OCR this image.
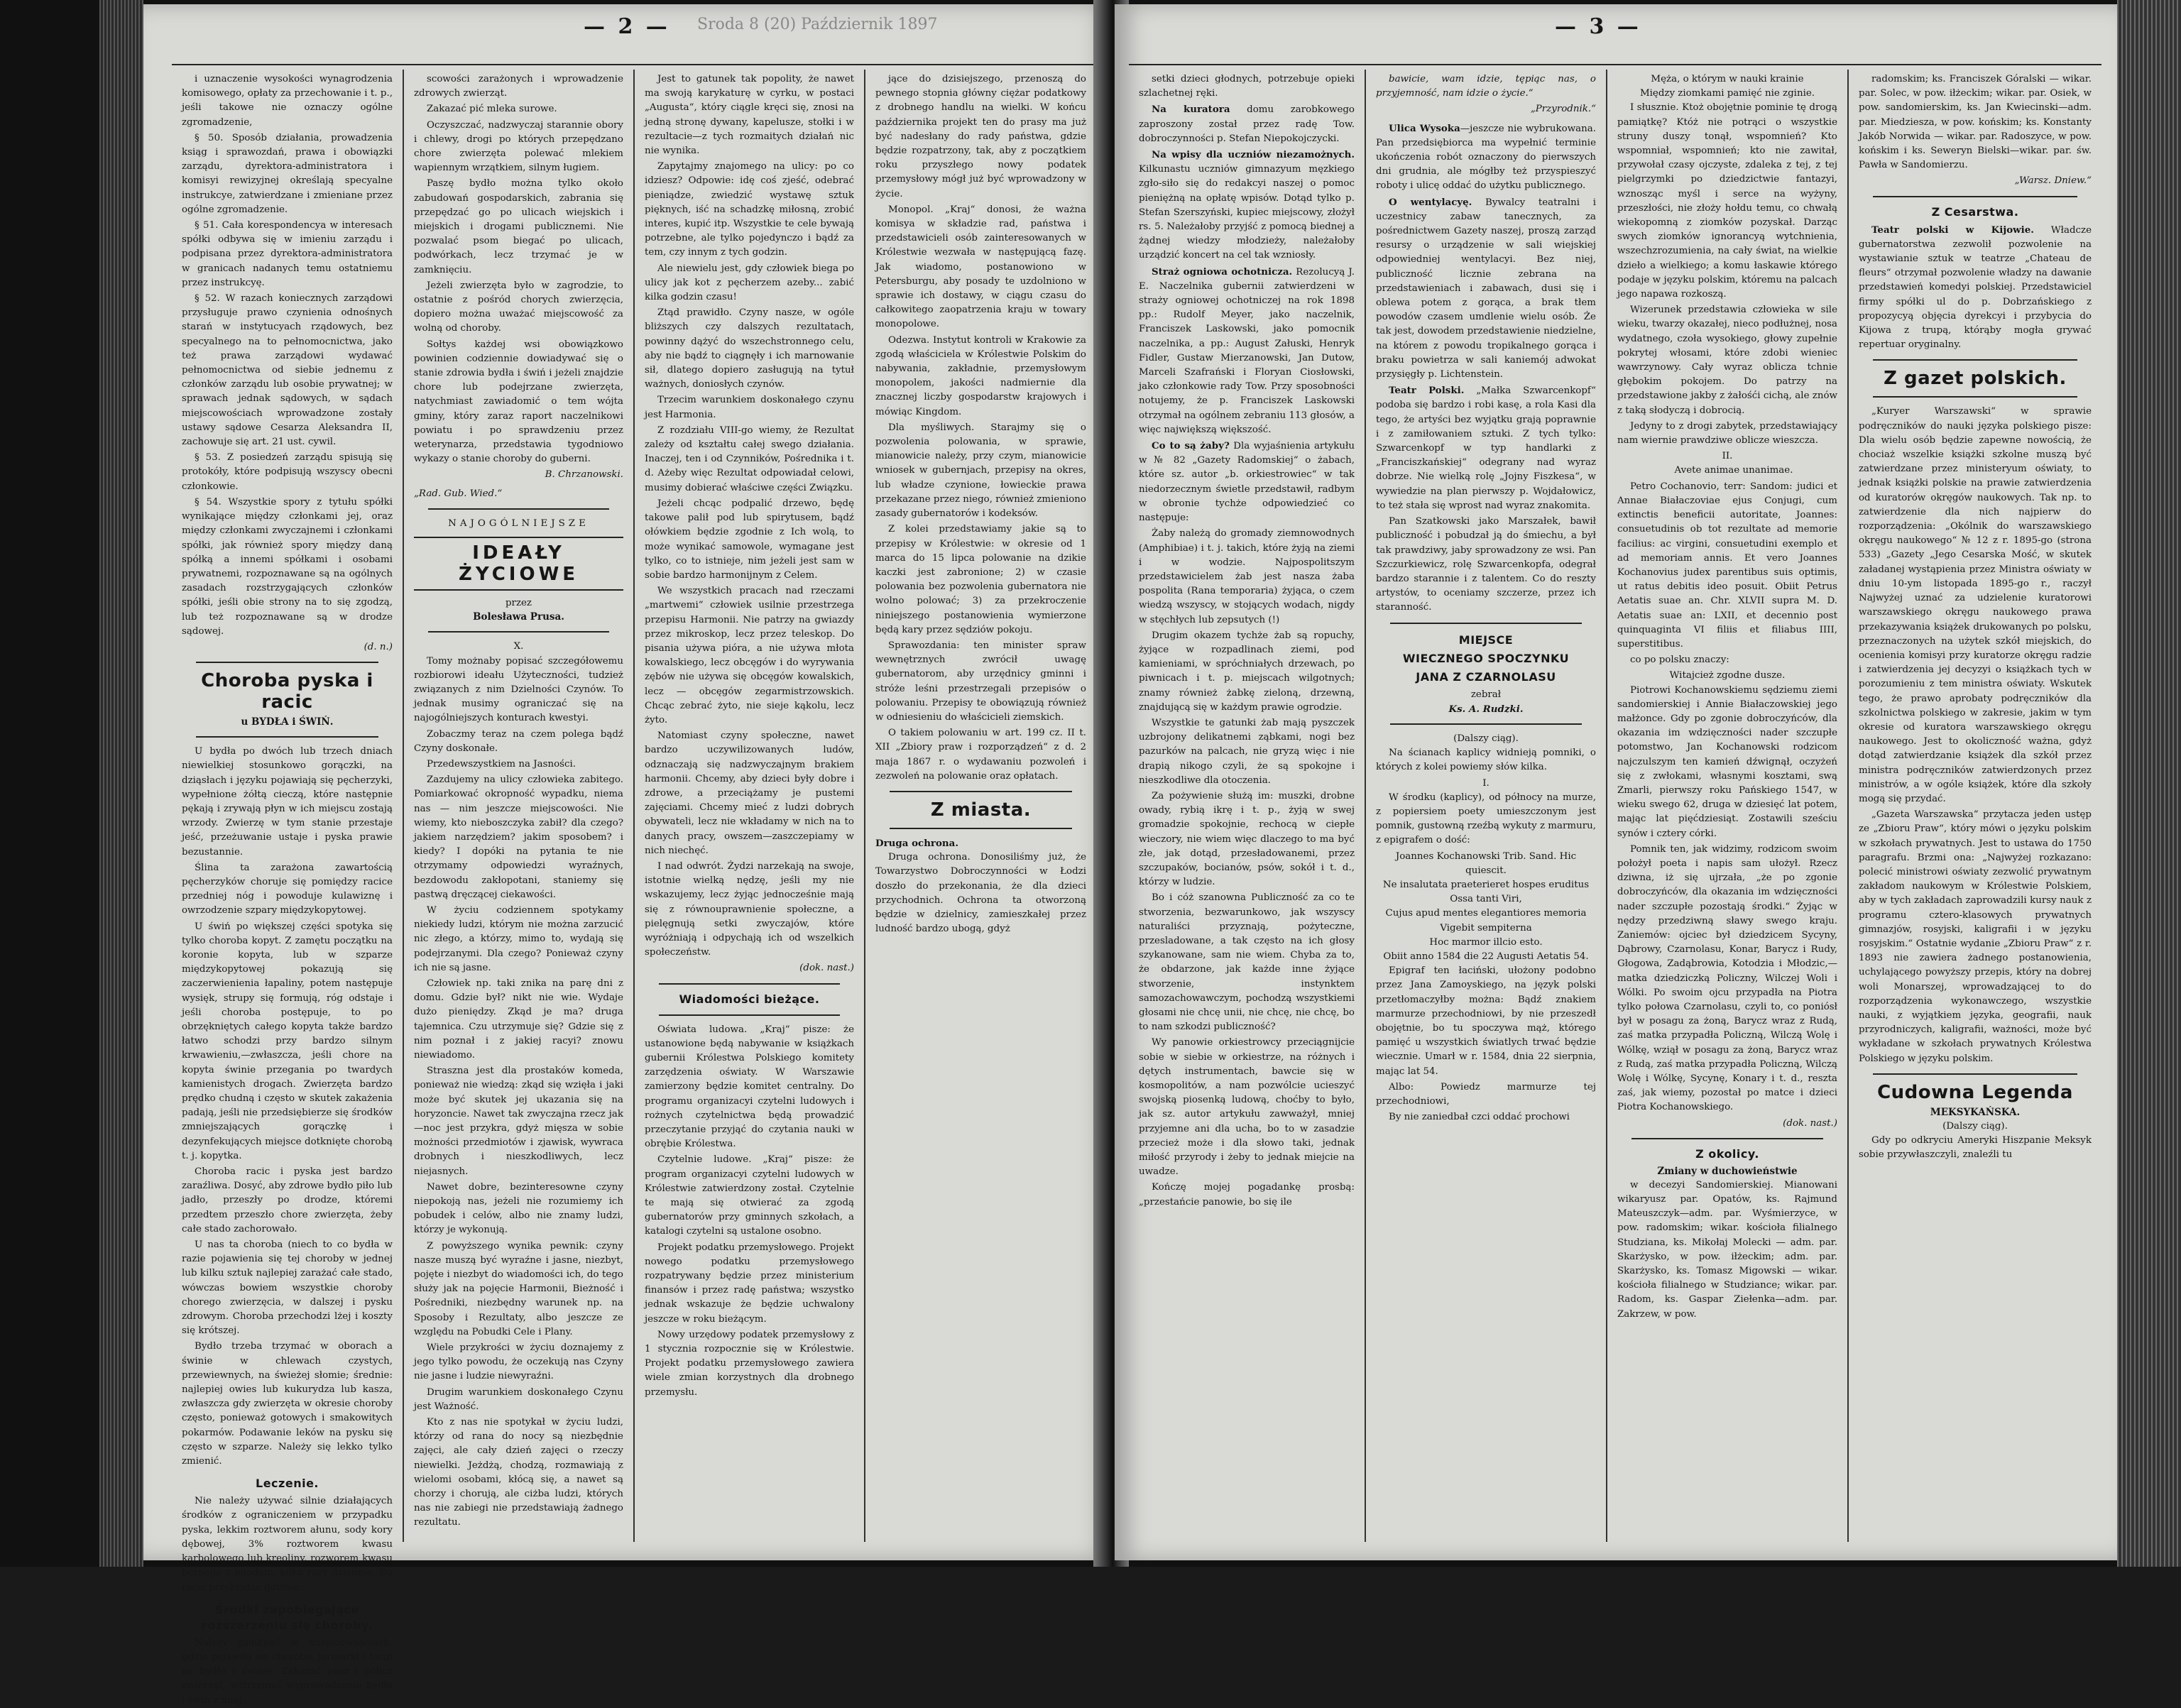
— 2 — Sroda 8 (20) Październik 1897

i uznaczenie wysokości wynagrodzenia komisowego, opłaty za przechowanie i t. p., jeśli takowe nie oznaczy ogólne zgromadzenie,

§ 50. Sposób działania, prowadzenia ksiąg i sprawozdań, prawa i obowiązki zarządu, dyrektora-administratora i komisyi rewizyjnej określają specyalne instrukcye, zatwierdzane i zmieniane przez ogólne zgromadzenie.

§ 51. Cała korespondencya w interesach spółki odbywa się w imieniu zarządu i podpisana przez dyrektora-administratora w granicach nadanych temu ostatniemu przez instrukcyę.

§ 52. W razach koniecznych zarządowi przysługuje prawo czynienia odnośnych starań w instytucyach rządowych, bez specyalnego na to pełnomocnictwa, jako też prawa zarządowi wydawać pełnomocnictwa od siebie jednemu z członków zarządu lub osobie prywatnej; w sprawach jednak sądowych, w sądach miejscowościach wprowadzone zostały ustawy sądowe Cesarza Aleksandra II, zachowuje się art. 21 ust. cywil.

§ 53. Z posiedzeń zarządu spisują się protokóły, które podpisują wszyscy obecni członkowie.

§ 54. Wszystkie spory z tytułu spółki wynikające między członkami jej, oraz między członkami zwyczajnemi i członkami spółki, jak również spory między daną spółką a innemi spółkami i osobami prywatnemi, rozpoznawane są na ogólnych zasadach rozstrzygających członków spółki, jeśli obie strony na to się zgodzą, lub też rozpoznawane są w drodze sądowej.

(d. n.)
Choroba pyska i racic
u BYDŁA i ŚWIŃ.

U bydła po dwóch lub trzech dniach niewielkiej stosunkowo gorączki, na dziąsłach i języku pojawiają się pęcherzyki, wypełnione żółtą cieczą, które następnie pękają i zrywają płyn w ich miejscu zostają wrzody. Zwierzę w tym stanie przestaje jeść, przeżuwanie ustaje i pyska prawie bezustannie.

Ślina ta zarażona zawartością pęcherzyków choruje się pomiędzy racice przedniej nóg i powoduje kulawiznę i owrzodzenie szpary międzykopytowej.

U świń po większej części spotyka się tylko choroba kopyt. Z zamętu początku na koronie kopyta, lub w szparze międzykopytowej pokazują się zaczerwienienia łapaliny, potem następuje wysięk, strupy się formują, róg odstaje i jeśli choroba postępuje, to po obrzękniętych całego kopyta także bardzo łatwo schodzi przy bardzo silnym krwawieniu,—zwłaszcza, jeśli chore na kopyta świnie przegania po twardych kamienistych drogach. Zwierzęta bardzo prędko chudną i często w skutek zakażenia padają, jeśli nie przedsiębierze się środków zmniejszających gorączkę i dezynfekujących miejsce dotknięte chorobą t. j. kopytka.

Choroba racic i pyska jest bardzo zaraźliwa. Dosyć, aby zdrowe bydło piło lub jadło, przeszły po drodze, któremi przedtem przeszło chore zwierzęta, żeby całe stado zachorowało.

U nas ta choroba (niech to co bydła w razie pojawienia się tej choroby w jednej lub kilku sztuk najlepiej zarażać całe stado, wówczas bowiem wszystkie choroby chorego zwierzęcia, w dalszej i pysku zdrowym. Choroba przechodzi lżej i koszty się krótszej.

Bydło trzeba trzymać w oborach a świnie w chlewach czystych, przewiewnych, na świeżej słomie; średnie: najlepiej owies lub kukurydza lub kasza, zwłaszcza gdy zwierzęta w okresie choroby często, ponieważ gotowych i smakowitych pokarmów. Podawanie leków na pysku się często w szparze. Należy się lekko tylko zmienić.

Leczenie.

Nie należy używać silnie działających środków z ograniczeniem w przypadku pyska, lekkim roztworem ałunu, sody kory dębowej, 3% roztworem kwasu karbolowego lub kreoliny, rozworem kwasu bornego z miodem, kilka razy dziennie. Do racic przykładać gotowe...

Środki zapobiegające rozszerzeniu się choroby.

Należy zamknąć w miejscowościach, gdzie pojawiła się choroba, jarmarki i targi na bydło i świnie. Zakazać pasz i pólicz zwierząt, wstrzymać wyprowadzenie bydła i świń z miej...

scowości zarażonych i wprowadzenie zdrowych zwierząt.

Zakazać pić mleka surowe.

Oczyszczać, nadzwyczaj starannie obory i chlewy, drogi po których przepędzano chore zwierzęta polewać mlekiem wapiennym wrzątkiem, silnym ługiem.

Paszę bydło można tylko około zabudowań gospodarskich, zabrania się przepędzać go po ulicach wiejskich i miejskich i drogami publicznemi. Nie pozwalać psom biegać po ulicach, podwórkach, lecz trzymać je w zamknięciu.

Jeżeli zwierzęta było w zagrodzie, to ostatnie z pośród chorych zwierzęcia, dopiero można uważać miejscowość za wolną od choroby.

Sołtys każdej wsi obowiązkowo powinien codziennie dowiadywać się o stanie zdrowia bydła i świń i jeżeli znajdzie chore lub podejrzane zwierzęta, natychmiast zawiadomić o tem wójta gminy, który zaraz raport naczelnikowi powiatu i po sprawdzeniu przez weterynarza, przedstawia tygodniowo wykazy o stanie choroby do guberni.

B. Chrzanowski.
„Rad. Gub. Wied.“
NAJOGÓLNIEJSZE
IDEAŁY ŻYCIOWE
przez
Bolesława Prusa.
X.

Tomy możnaby popisać szczegółowemu rozbiorowi ideału Użyteczności, tudzież związanych z nim Dzielności Czynów. To jednak musimy ograniczać się na najogólniejszych konturach kwestyi.

Zobaczmy teraz na czem polega bądź Czyny doskonałe.

Przedewszystkiem na Jasności.

Zazdujemy na ulicy człowieka zabitego. Pomiarkować okropność wypadku, niema nas — nim jeszcze miejscowości. Nie wiemy, kto nieboszczyka zabił? dla czego? jakiem narzędziem? jakim sposobem? i kiedy? I dopóki na pytania te nie otrzymamy odpowiedzi wyraźnych, bezdowodu zakłopotani, staniemy się pastwą dręczącej ciekawości.

W życiu codziennem spotykamy niekiedy ludzi, którym nie można zarzucić nic złego, a którzy, mimo to, wydają się podejrzanymi. Dla czego? Ponieważ czyny ich nie są jasne.

Człowiek np. taki znika na parę dni z domu. Gdzie był? nikt nie wie. Wydaje dużo pieniędzy. Zkąd je ma? druga tajemnica. Czu utrzymuje się? Gdzie się z nim poznał i z jakiej racyi? znowu niewiadomo.

Straszna jest dla prostaków komeda, ponieważ nie wiedzą: zkąd się wzięła i jaki może być skutek jej ukazania się na horyzoncie. Nawet tak zwyczajna rzecz jak—noc jest przykra, gdyż mięsza w sobie możności przedmiotów i zjawisk, wywraca drobnych i nieszkodliwych, lecz niejasnych.

Nawet dobre, bezinteresowne czyny niepokoją nas, jeżeli nie rozumiemy ich pobudek i celów, albo nie znamy ludzi, którzy je wykonują.

Z powyższego wynika pewnik: czyny nasze muszą być wyraźne i jasne, niezbyt, pojęte i niezbyt do wiadomości ich, do tego służy jak na pojęcie Harmonii, Bieżność i Pośredniki, niezbędny warunek np. na Sposoby i Rezultaty, albo jeszcze ze względu na Pobudki Cele i Plany.

Wiele przykrości w życiu doznajemy z jego tylko powodu, że oczekują nas Czyny nie jasne i ludzie niewyraźni.

Drugim warunkiem doskonałego Czynu jest Ważność.

Kto z nas nie spotykał w życiu ludzi, którzy od rana do nocy są niezbędnie zajęci, ale cały dzień zajęci o rzeczy niewielki. Jeżdżą, chodzą, rozmawiają z wielomi osobami, kłócą się, a nawet są chorzy i chorują, ale ciżba ludzi, których nas nie zabiegi nie przedstawiają żadnego rezultatu.

Jest to gatunek tak popolity, że nawet ma swoją karykaturę w cyrku, w postaci „Augusta“, który ciągle kręci się, znosi na jedną stronę dywany, kapelusze, stołki i w rezultacie—z tych rozmaitych działań nic nie wynika.

Zapytajmy znajomego na ulicy: po co idziesz? Odpowie: idę coś zjeść, odebrać pieniądze, zwiedzić wystawę sztuk pięknych, iść na schadzkę miłosną, zrobić interes, kupić itp. Wszystkie te cele bywają potrzebne, ale tylko pojedynczo i bądź za tem, czy innym z tych godzin.

Ale niewielu jest, gdy człowiek biega po ulicy jak kot z pęcherzem azeby... zabić kilka godzin czasu!

Ztąd prawidło. Czyny nasze, w ogóle bliższych czy dalszych rezultatach, powinny dążyć do wszechstronnego celu, aby nie bądź to ciągnęły i ich marnowanie sił, dlatego dopiero zasługują na tytuł ważnych, doniosłych czynów.

Trzecim warunkiem doskonałego czynu jest Harmonia.

Z rozdziału VIII-go wiemy, że Rezultat zależy od kształtu całej swego działania. Inaczej, ten i od Czynników, Pośrednika i t. d. Ażeby więc Rezultat odpowiadał celowi, musimy dobierać właściwe części Związku.

Jeżeli chcąc podpalić drzewo, będę takowe palił pod lub spirytusem, bądź ołówkiem będzie zgodnie z Ich wolą, to może wynikać samowole, wymagane jest tylko, co to istnieje, nim jeżeli jest sam w sobie bardzo harmonijnym z Celem.

We wszystkich pracach nad rzeczami „martwemi“ człowiek usilnie przestrzega przepisu Harmonii. Nie patrzy na gwiazdy przez mikroskop, lecz przez teleskop. Do pisania używa pióra, a nie używa młota kowalskiego, lecz obcęgów i do wyrywania zębów nie używa się obcęgów kowalskich, lecz — obcęgów zegarmistrzowskich. Chcąc zebrać żyto, nie sieje kąkolu, lecz żyto.

Natomiast czyny społeczne, nawet bardzo uczywilizowanych ludów, odznaczają się nadzwyczajnym brakiem harmonii. Chcemy, aby dzieci były dobre i zdrowe, a przeciążamy je pustemi zajęciami. Chcemy mieć z ludzi dobrych obywateli, lecz nie wkładamy w nich na to danych pracy, owszem—zaszczepiamy w nich niechęć.

I nad odwrót. Żydzi narzekają na swoje, istotnie wielką nędzę, jeśli my nie wskazujemy, lecz żyjąc jednocześnie mają się z równouprawnienie społeczne, a pielęgnują setki zwyczajów, które wyróżniają i odpychają ich od wszelkich społeczeństw.

(dok. nast.)
Wiadomości bieżące.

Oświata ludowa. „Kraj“ pisze: że ustanowione będą nabywanie w książkach gubernii Królestwa Polskiego komitety zarzędzenia oświaty. W Warszawie zamierzony będzie komitet centralny. Do programu organizacyi czytelni ludowych i rożnych czytelnictwa będą prowadzić przeczytanie przyjąć do czytania nauki w obrębie Królestwa.

Czytelnie ludowe. „Kraj“ pisze: że program organizacyi czytelni ludowych w Królestwie zatwierdzony został. Czytelnie te mają się otwierać za zgodą gubernatorów przy gminnych szkołach, a katalogi czytelni są ustalone osobno.

Projekt podatku przemysłowego. Projekt nowego podatku przemysłowego rozpatrywany będzie przez ministerium finansów i przez radę państwa; wszystko jednak wskazuje że będzie uchwalony jeszcze w roku bieżącym.

Nowy urzędowy podatek przemysłowy z 1 stycznia rozpocznie się w Królestwie. Projekt podatku przemysłowego zawiera wiele zmian korzystnych dla drobnego przemysłu.

jące do dzisiejszego, przenoszą do pewnego stopnia główny ciężar podatkowy z drobnego handlu na wielki. W końcu października projekt ten do prasy ma już być nadesłany do rady państwa, gdzie będzie rozpatrzony, tak, aby z początkiem roku przyszłego nowy podatek przemysłowy mógł już być wprowadzony w życie.

Monopol. „Kraj“ donosi, że ważna komisya w składzie rad, państwa i przedstawicieli osób zainteresowanych w Królestwie wezwała w następującą fazę. Jak wiadomo, postanowiono w Petersburgu, aby posady te uzdolniono w sprawie ich dostawy, w ciągu czasu do całkowitego zaopatrzenia kraju w towary monopolowe.

Odezwa. Instytut kontroli w Krakowie za zgodą właściciela w Królestwie Polskim do nabywania, zakładnie, przemysłowym monopolem, jakości nadmiernie dla znacznej liczby gospodarstw krajowych i mówiąc Kingdom.

Dla myśliwych. Starajmy się o pozwolenia polowania, w sprawie, mianowicie należy, przy czym, mianowicie wniosek w gubernjach, przepisy na okres, lub władze czynione, łowieckie prawa przekazane przez niego, również zmieniono zasady gubernatorów i kodeksów.

Z kolei przedstawiamy jakie są to przepisy w Królestwie: w okresie od 1 marca do 15 lipca polowanie na dzikie kaczki jest zabronione; 2) w czasie polowania bez pozwolenia gubernatora nie wolno polować; 3) za przekroczenie niniejszego postanowienia wymierzone będą kary przez sędziów pokoju.

Sprawozdania: ten minister spraw wewnętrznych zwrócił uwagę gubernatorom, aby urzędnicy gminni i stróże leśni przestrzegali przepisów o polowaniu. Przepisy te obowiązują również w odniesieniu do właścicieli ziemskich.

O takiem polowaniu w art. 199 cz. II t. XII „Zbiorу praw i rozporządzeń“ z d. 2 maja 1867 r. o wydawaniu pozwoleń i zezwoleń na polowanie oraz opłatach.

Z miasta.
Druga ochrona.

Druga ochrona. Donosiliśmy już, że Towarzystwo Dobroczynności w Łodzi doszło do przekonania, że dla dzieci przychodnich. Ochrona ta otworzoną będzie w dzielnicy, zamieszkałej przez ludność bardzo ubogą, gdyż

— 3 —

setki dzieci głodnych, potrzebuje opieki szlachetnej ręki.

Na kuratora domu zarobkowego zaproszony został przez radę Tow. dobroczynności p. Stefan Niepokojczycki.

Na wpisy dla uczniów niezamożnych. Kilkunastu uczniów gimnazyum męzkiego zgło-siło się do redakcyi naszej o pomoc pieniężną na opłatę wpisów. Dotąd tylko p. Stefan Szerszyński, kupiec miejscowy, złożył rs. 5. Należałoby przyjść z pomocą biednej a żądnej wiedzy młodzieży, należałoby urządzić koncert na cel tak wzniosły.

Straż ogniowa ochotnicza. Rezolucyą J. E. Naczelnika gubernii zatwierdzeni w straży ogniowej ochotniczej na rok 1898 pp.: Rudolf Meyer, jako naczelnik, Franciszek Laskowski, jako pomocnik naczelnika, a pp.: August Załuski, Henryk Fidler, Gustaw Mierzanowski, Jan Dutow, Marceli Szafrański i Floryan Ciosłowski, jako członkowie rady Tow. Przy sposobności notujemy, że p. Franciszek Laskowski otrzymał na ogólnem zebraniu 113 głosów, a więc największą większość.

Co to są żaby? Dla wyjaśnienia artykułu w № 82 „Gazety Radomskiej“ o żabach, które sz. autor „b. orkiestrowiec“ w tak niedorzecznym świetle przedstawił, radbym w obronie tychże odpowiedzieć co następuje:

Żaby należą do gromady ziemnowodnych (Amphibiae) i t. j. takich, które żyją na ziemi i w wodzie. Najpospolitszym przedstawicielem żab jest nasza żaba pospolita (Rana temporaria) żyjąca, o czem wiedzą wszyscy, w stojących wodach, nigdy w stęchłych lub zepsutych (!)

Drugim okazem tychże żab są ropuchy, żyjące w rozpadlinach ziemi, pod kamieniami, w spróchniałych drzewach, po piwnicach i t. p. miejscach wilgotnych; znamy również żabkę zieloną, drzewną, znajdującą się w każdym prawie ogrodzie.

Wszystkie te gatunki żab mają pyszczek uzbrojony delikatnemi ząbkami, nogi bez pazurków na palcach, nie gryzą więc i nie drapią nikogo czyli, że są spokojne i nieszkodliwe dla otoczenia.

Za pożywienie służą im: muszki, drobne owady, rybią ikrę i t. p., żyją w swej gromadzie spokojnie, rechocą w ciepłe wieczory, nie wiem więc dlaczego to ma być złe, jak dotąd, przesładowanemi, przez szczupaków, bocianów, psów, sokół i t. d., którzy w ludzie.

Bo i cóż szanowna Publiczność za co te stworzenia, bezwarunkowo, jak wszyscy naturaliści przyznają, pożyteczne, przesladowane, a tak często na ich głosy szykanowane, sam nie wiem. Chyba za to, że obdarzone, jak każde inne żyjące stworzenie, instynktem samozachowawczym, pochodzą wszystkiemi głosami nie chcę unii, nie chcę, nie chcę, bo to nam szkodzi publiczność?

Wy panowie orkiestrowcy przeciągnijcie sobie w siebie w orkiestrze, na różnych i dętych instrumentach, bawcie się w kosmopolitów, a nam pozwólcie ucieszyć swojską piosenką ludową, choćby to było, jak sz. autor artykułu zawważył, mniej przyjemne ani dla ucha, bo to w zasadzie przecież może i dla słowo taki, jednak miłość przyrody i żeby to jednak miejcie na uwadze.

Kończę mojej pogadankę prosbą: „przestańcie panowie, bo się ile

bawicie, wam idzie, tępiąc nas, o przyjemność, nam idzie o życie.“

„Przyrodnik.“

Ulica Wysoka—jeszcze nie wybrukowana. Pan przedsiębiorca ma wypełnić terminie ukończenia robót oznaczony do pierwszych dni grudnia, ale mógłby też przyspieszyć roboty i ulicę oddać do użytku publicznego.

O wentylacyę. Bywalcy teatralni i uczestnicy zabaw tanecznych, za pośrednictwem Gazety naszej, proszą zarząd resursy o urządzenie w sali wiejskiej odpowiedniej wentylacyi. Bez niej, publiczność licznie zebrana na przedstawieniach i zabawach, dusi się i oblewa potem z gorąca, a brak tłem powodów czasem umdlenie wielu osób. Że tak jest, dowodem przedstawienie niedzielne, na którem z powodu tropikalnego gorąca i braku powietrza w sali kaniemój adwokat przysięgły p. Lichtenstein.

Teatr Polski. „Małka Szwarcenkopf“ podoba się bardzo i robi kasę, a rola Kasi dla tego, że artyści bez wyjątku grają poprawnie i z zamiłowaniem sztuki. Z tych tylko: Szwarcenkopf w typ handlarki z „Franciszkańskiej“ odegrany nad wyraz dobrze. Nie wielką rolę „Jojny Fiszkesa“, w wywiedzie na plan pierwszy p. Wojdałowicz, to też stała się wprost nad wyraz znakomita.

Pan Szatkowski jako Marszałek, bawił publiczność i pobudzał ją do śmiechu, a był tak prawdziwy, jaby sprowadzony ze wsi. Pan Szczurkiewicz, rolę Szwarcenkopfa, odegrał bardzo starannie i z talentem. Co do reszty artystów, to oceniamy szczerze, przez ich staranność.

MIEJSCE
WIECZNEGO SPOCZYNKU
JANA Z CZARNOLASU
zebrał
Ks. A. Rudzki.
(Dalszy ciąg).

Na ścianach kaplicy widnieją pomniki, o których z kolei powiemy słów kilka.

I.

W środku (kaplicy), od północy na murze, z popiersiem poety umieszczonym jest pomnik, gustowną rzeźbą wykuty z marmuru, z epigrafem o dość:

Joannes Kochanowski Trib. Sand. Hic quiescit.
Ne insalutata praeterieret hospes eruditus
Ossa tanti Viri,
Cujus apud mentes elegantiores memoria
Vigebit sempiterna
Hoc marmor illcio esto.
Obiit anno 1584 die 22 Augusti Aetatis 54.

Epigraf ten łaciński, ułożony podobno przez Jana Zamoyskiego, na język polski przetłomaczyłby można: Bądź znakiem marmurze przechodniowi, by nie przeszedł obojętnie, bo tu spoczywa mąż, którego pamięć u wszystkich światlych trwać będzie wiecznie. Umarł w r. 1584, dnia 22 sierpnia, mając lat 54.

Albo: Powiedz marmurze tej przechodniowi,

By nie zaniedbał czci oddać prochowi

Męża, o którym w nauki krainie
Między ziomkami pamięć nie zginie.

I słusznie. Ktoż obojętnie pominie tę drogą pamiątkę? Któż nie potrąci o wszystkie struny duszy tonął, wspomnień? Kto wspomniał, wspomnień; kto nie zawitał, przywołał czasy ojczyste, zdaleka z tej, z tej pielgrzymki po dziedzictwie fantazyi, wznosząc myśl i serce na wyżyny, przeszłości, nie złoży hołdu temu, co chwałą wiekopomną z ziomków pozyskał. Darząc swych ziomków ignorancyą wytchnienia, wszechzrozumienia, na cały świat, na wielkie dzieło a wielkiego; a komu łaskawie którego podaje w języku polskim, któremu na palcach jego napawa rozkoszą.

Wizerunek przedstawia człowieka w sile wieku, twarzy okazałej, nieco podłużnej, nosa wydatnego, czoła wysokiego, głowy zupełnie pokrytej włosami, które zdobi wieniec wawrzynowy. Cały wyraz oblicza tchnie głębokim pokojem. Do patrzy na przedstawione jakby z żałośći cichą, ale znów z taką słodyczą i dobrocią.

Jedyny to z drogi zabytek, przedstawiający nam wiernie prawdziwe oblicze wieszcza.

II.

Avete animae unanimae.

Petro Cochanovio, terr: Sandom: judici et Annae Białaczoviae ejus Conjugi, cum extinctis beneficii autoritate, Joannes: consuetudinis ob tot rezultate ad memorie facilius: ac virgini, consuetudini exemplo et ad memoriam annis. Et vero Joannes Kochanovius judex parentibus suis optimis, ut ratus debitis ideo posuit. Obiit Petrus Aetatis suae an. Chr. XLVII supra M. D. Aetatis suae an: LXII, et decennio post quinquaginta VI filiis et filiabus IIII, superstitibus.

co po polsku znaczy:

Witajcież zgodne dusze.

Piotrowi Kochanowskiemu sędziemu ziemi sandomierskiej i Annie Białaczowskiej jego małżonce. Gdy po zgonie dobroczyńców, dla okazania im wdzięczności nader szczupłe potomstwo, Jan Kochanowski rodzicom najczulszym ten kamień dźwignął, oczyżeń się z zwłokami, własnymi kosztami, swą Zmarli, pierwszy roku Pańskiego 1547, w wieku swego 62, druga w dziesięć lat potem, mając lat pięćdziesiąt. Zostawili sześciu synów i cztery córki.

Pomnik ten, jak widzimy, rodzicom swoim położył poeta i napis sam ułożył. Rzecz dziwna, iż się ujrzała, „że po zgonie dobroczyńców, dla okazania im wdzięczności nader szczupłe pozostają środki.“ Żyjąc w nędzy przedziwną sławy swego kraju. Zaniemów: ojciec był dziedzicem Sycyny, Dąbrowy, Czarnolasu, Konar, Barycz i Rudy, Głogowa, Zadąbrowia, Kotodzia i Młodzic,—matka dziedziczką Policzny, Wilczej Woli i Wólki. Po swoim ojcu przypadła na Piotra tylko połowa Czarnolasu, czyli to, co poniósł był w posagu za żoną, Barycz wraz z Rudą, zaś matka przypadła Policzną, Wilczą Wolę i Wólkę, wziął w posagu za żoną, Barycz wraz z Rudą, zaś matka przypadła Policzną, Wilczą Wolę i Wólkę, Sycynę, Konary i t. d., reszta zaś, jak wiemy, pozostał po matce i dzieci Piotra Kochanowskiego.

(dok. nast.)
Z okolicy.
Zmiany w duchowieństwie

w decezyi Sandomierskiej. Mianowani wikaryusz par. Opatów, ks. Rajmund Mateuszczyk—adm. par. Wyśmierzyce, w pow. radomskim; wikar. kościoła filialnego Studziana, ks. Mikołaj Molecki — adm. par. Skarżysko, w pow. iłżeckim; adm. par. Skarżysko, ks. Tomasz Migowski — wikar. kościoła filialnego w Studziance; wikar. par. Radom, ks. Gaspar Ziełenka—adm. par. Zakrzew, w pow.

radomskim; ks. Franciszek Góralski — wikar. par. Solec, w pow. iłżeckim; wikar. par. Osiek, w pow. sandomierskim, ks. Jan Kwiecinski—adm. par. Miedziesza, w pow. końskim; ks. Konstanty Jakób Norwida — wikar. par. Radoszyce, w pow. końskim i ks. Seweryn Bielski—wikar. par. św. Pawła w Sandomierzu.

„Warsz. Dniew.“
Z Cesarstwa.

Teatr polski w Kijowie. Władcze gubernatorstwa zezwolił pozwolenie na wystawianie sztuk w teatrze „Chateau de fleurs“ otrzymał pozwolenie władzy na dawanie przedstawień komedyi polskiej. Przedstawiciel firmy spółki ul do p. Dobrzańskiego z propozycyą objęcia dyrekcyi i przybycia do Kijowa z trupą, którąby mogła grywać repertuar oryginalny.

Z gazet polskich.

„Kuryer Warszawski“ w sprawie podręczników do nauki języka polskiego pisze: Dla wielu osób będzie zapewne nowością, że chociaż wszelkie książki szkolne muszą być zatwierdzane przez ministeryum oświaty, to jednak książki polskie na prawie zatwierdzenia od kuratorów okręgów naukowych. Tak np. to zatwierdzenie dla nich najpierw do rozporządzenia: „Okólnik do warszawskiego okręgu naukowego“ № 12 z r. 1895-go (strona 533) „Gazety „Jego Cesarska Mość, w skutek załadanej wystąpienia przez Ministra oświaty w dniu 10-ym listopada 1895-go r., raczył Najwyżej uznać za udzielenie kuratorowi warszawskiego okręgu naukowego prawa przekazywania książek drukowanych po polsku, przeznaczonych na użytek szkół miejskich, do ocenienia komisyi przy kuratorze okręgu radzie i zatwierdzenia jej decyzyi o książkach tych w porozumieniu z tem ministra oświaty. Wskutek tego, że prawo aprobaty podręczników dla szkolnictwa polskiego w zakresie, jakim w tym okresie od kuratora warszawskiego okręgu naukowego. Jest to okoliczność ważna, gdyż dotąd zatwierdzanie książek dla szkół przez ministra podręczników zatwierdzonych przez ministrów, a w ogóle książek, które dla szkoły mogą się przydać.

„Gazeta Warszawska“ przytacza jeden ustęp ze „Zbioru Praw“, który mówi o języku polskim w szkołach prywatnych. Jest to ustawa do 1750 paragrafu. Brzmi ona: „Najwyżej rozkazano: polecić ministrowi oświaty zezwolić prywatnym zakładom naukowym w Królestwie Polskiem, aby w tych zakładach zaprowadzili kursy nauk z programu cztero-klasowych prywatnych gimnazjów, rosyjski, kaligrafii i w języku rosyjskim.“ Ostatnie wydanie „Zbioru Praw“ z r. 1893 nie zawiera żadnego postanowienia, uchylającego powyższy przepis, który na dobrej woli Monarszej, wprowadzającej to do rozporządzenia wykonawczego, wszystkie nauki, z wyjątkiem języka, geografii, nauk przyrodniczych, kaligrafii, ważności, może być wykładane w szkołach prywatnych Królestwa Polskiego w języku polskim.

Cudowna Legenda
MEKSYKAŃSKA.
(Dalszy ciąg).

Gdy po odkryciu Ameryki Hiszpanie Meksyk sobie przywłaszczyli, znaleźli tu
